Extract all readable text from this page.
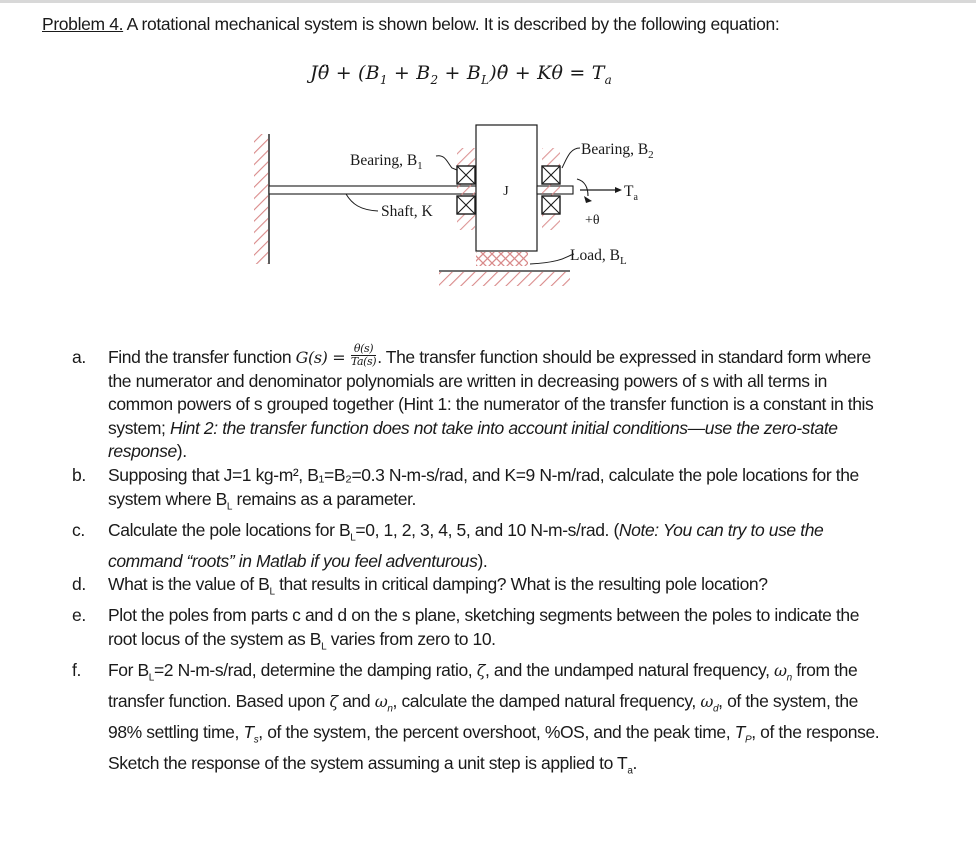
Problem 4. A rotational mechanical system is shown below. It is described by the following equation:
Jθ̈ + ($B_1 + B_2$ + $B_L)\thetȧ + K\theta = T_a$
J
Bearing, $B_1$
Shaft, K
Bearing, $B_2$
$T_a$
+θ
Load, $B_L$
a. Find the transfer function $G(s) = \frac{\theta(s)}{Ta(s)}$ . The transfer function should be expressed in standard form where the numerator and denominator polynomials are written in decreasing powers of s with all terms in common powers of s grouped together (Hint 1: the numerator of the transfer function is a constant in this system; Hint 2: the transfer function does not take into account initial conditions—use the zero-state response).
b. Supposing that J=1 kg-m², B₁=B₂=0.3 N-m-s/rad, and K=9 N-m/rad, calculate the pole locations for the system where $B_L$ remains as a parameter.
c. Calculate the pole locations for $B_L=0$, 1, 2, 3, 4, 5, and 10 N-m-s/rad. (Note: You can try to use the command “roots” in Matlab if you feel adventurous).
d. What is the value of $B_L$ that results in critical damping? What is the resulting pole location?
e. Plot the poles from parts c and d on the s plane, sketching segments between the poles to indicate the root locus of the system as $B_L$ varies from zero to 10.
f. For $B_L=2$ N-m-s/rad, determine the damping ratio, ζ, and the undamped natural frequency, $\omega_n$ from the transfer function. Based upon ζ and $\omega_n$, calculate the damped natural frequency, $\omega_d$, of the system, the 98% settling time, $T_s$, of the system, the percent overshoot, %OS, and the peak time, $T_P$, of the response. Sketch the response of the system assuming a unit step is applied to $T_a$.
